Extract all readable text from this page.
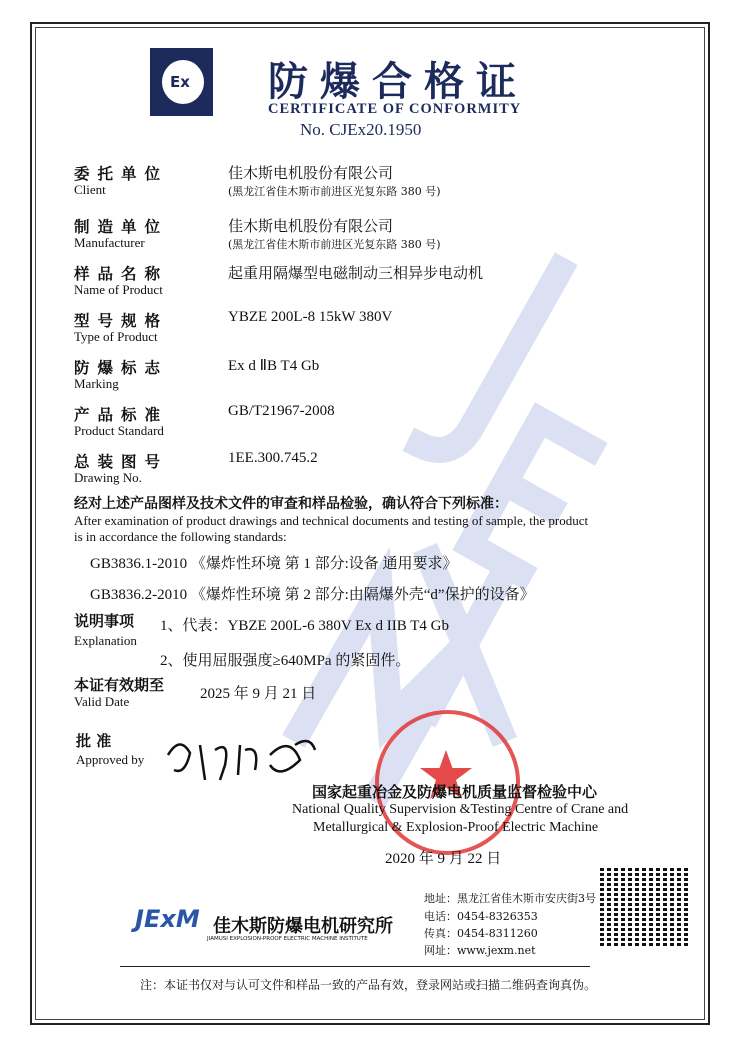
Ex 防爆合格证
CERTIFICATE OF CONFORMITY
No. CJEx20.1950
委托单位
Client
佳木斯电机股份有限公司
(黑龙江省佳木斯市前进区光复东路 380 号)
制造单位
Manufacturer
佳木斯电机股份有限公司
(黑龙江省佳木斯市前进区光复东路 380 号)
样品名称
Name of Product
起重用隔爆型电磁制动三相异步电动机
型号规格
Type of Product
YBZE 200L-8 15kW 380V
防爆标志
Marking
Ex d ⅡB T4 Gb
产品标准
Product Standard
GB/T21967-2008
总装图号
Drawing No.
1EE.300.745.2
经对上述产品图样及技术文件的审查和样品检验，确认符合下列标准：
After examination of product drawings and technical documents and testing of sample, the product
is in accordance the following standards:
GB3836.1-2010 《爆炸性环境 第 1 部分:设备 通用要求》
GB3836.2-2010 《爆炸性环境 第 2 部分:由隔爆外壳“d”保护的设备》
说明事项
Explanation
1、代表：YBZE 200L-6 380V Ex d IIB T4 Gb
2、使用屈服强度≥640MPa 的紧固件。
本证有效期至
Valid Date	2025 年 9 月 21 日
批 准
Approved by
国家起重冶金及防爆电机质量监督检验中心
National Quality Supervision &Testing Centre of Crane and
Metallurgical & Explosion-Proof Electric Machine
2020 年 9 月 22 日
JExM 佳木斯防爆电机研究所
JIAMUSI EXPLOSION-PROOF ELECTRIC MACHINE INSTITUTE
地址：黑龙江省佳木斯市安庆街3号
电话：0454-8326353
传真：0454-8311260
网址：www.jexm.net
注：本证书仅对与认可文件和样品一致的产品有效，登录网站或扫描二维码查询真伪。
